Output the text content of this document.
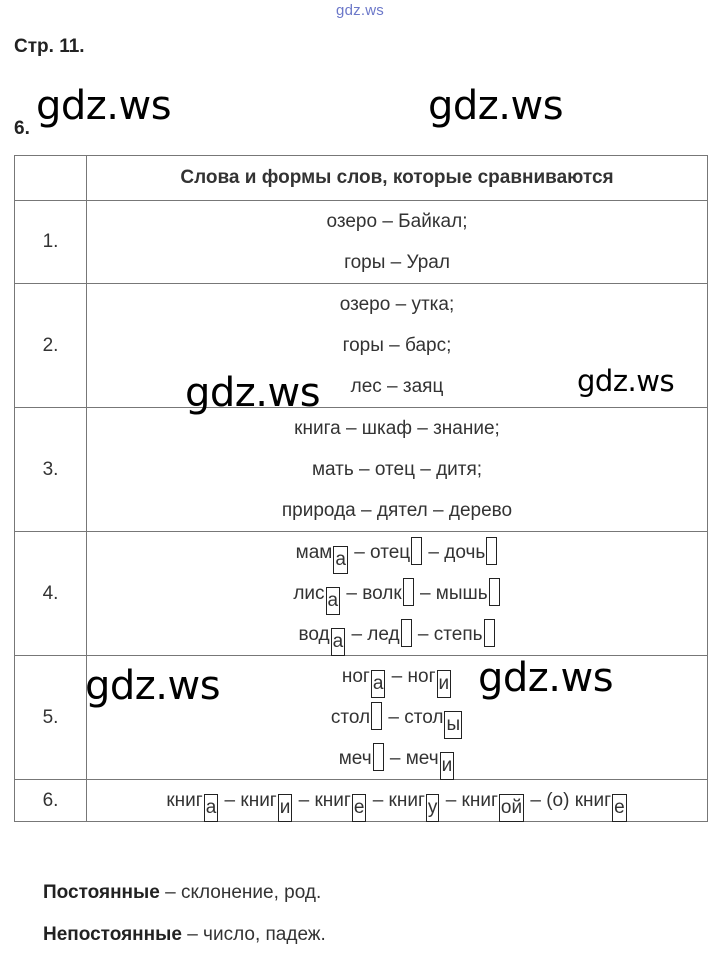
gdz.ws
Стр. 11.
6.
	Слова и формы слов, которые сравниваются
1.	озеро – Байкал;
горы – Урал

2.	озеро – утка;
горы – барс;
лес – заяц

3.	книга – шкаф – знание;
мать – отец – дитя;
природа – дятел – дерево

4.	мам а – отец – дочь
лис а – волк – мышь
вод а – лед – степь

5.	ног а – ног и
стол – стол ы
меч – меч и

6.	книг а – книг и – книг е – книг у – книг ой – (о) книг е
gdz.ws	gdz.ws
gdz.ws	gdz.ws
gdz.ws	gdz.ws
Постоянные – склонение, род.
Непостоянные – число, падеж.
